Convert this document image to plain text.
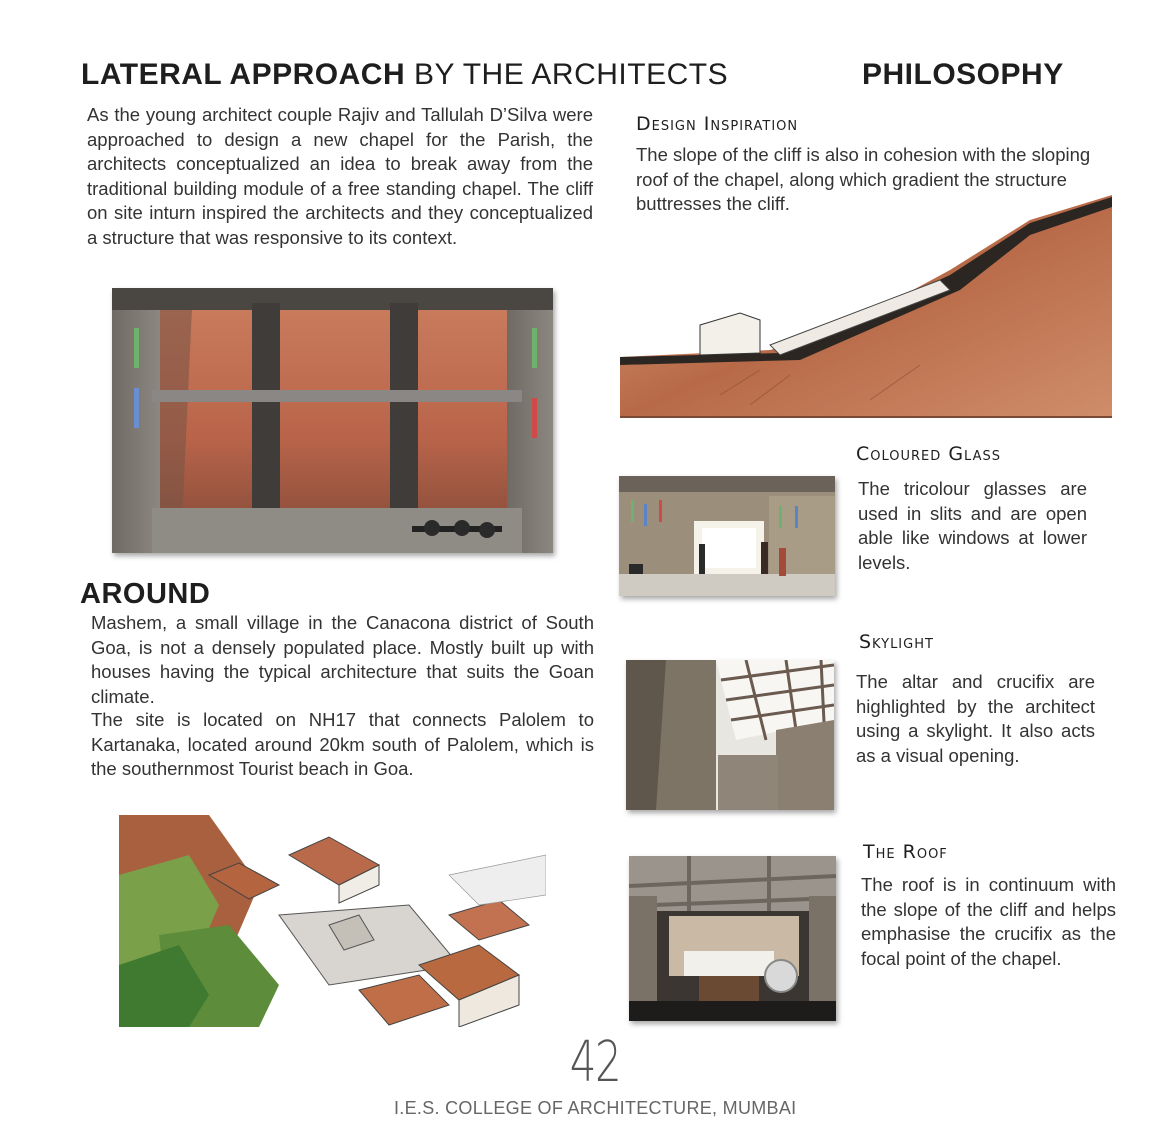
LATERAL APPROACH BY THE ARCHITECTS
As the young architect couple Rajiv and Tallulah D’Silva were approached to design a new chapel for the Parish, the architects conceptualized an idea to break away from the traditional building module of a free standing chapel. The cliff on site inturn inspired the architects and they conceptualized a structure that was responsive to its context.
AROUND
Mashem, a small village in the Canacona district of South Goa, is not a densely populated place. Mostly built up with houses having the typical architecture that suits the Goan climate.
The site is located on NH17 that connects Palolem to Kartanaka, located around 20km south of Palolem, which is the southernmost Tourist beach in Goa.
PHILOSOPHY
Design Inspiration
The slope of the cliff is also in cohesion with the sloping roof of the chapel, along which gradient the structure buttresses the cliff.
Coloured Glass
The tricolour glasses are used in slits and are open able like windows at lower levels.
Skylight
The altar and crucifix are highlighted by the architect using a skylight. It also acts as a visual opening.
The Roof
The roof is in continuum with the slope of the cliff and helps emphasise the crucifix as the focal point of the chapel.
42
I.E.S. COLLEGE OF ARCHITECTURE, MUMBAI
